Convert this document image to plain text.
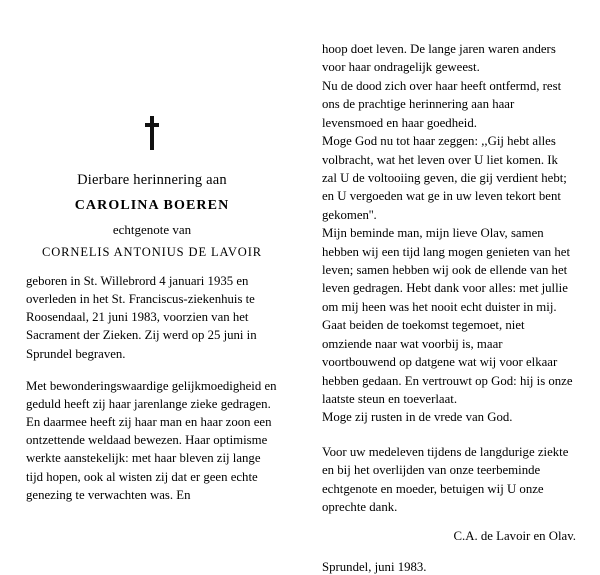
Dierbare herinnering aan
CAROLINA BOEREN
echtgenote van
CORNELIS ANTONIUS DE LAVOIR
geboren in St. Willebrord 4 januari 1935 en overleden in het St. Franciscus-ziekenhuis te Roosendaal, 21 juni 1983, voorzien van het Sacrament der Zieken. Zij werd op 25 juni in Sprundel begraven.
Met bewonderingswaardige gelijkmoedigheid en geduld heeft zij haar jarenlange zieke gedragen. En daarmee heeft zij haar man en haar zoon een ontzettende weldaad bewezen. Haar optimisme werkte aanstekelijk: met haar bleven zij lange tijd hopen, ook al wisten zij dat er geen echte genezing te verwachten was. En
hoop doet leven. De lange jaren waren anders voor haar ondragelijk geweest.
Nu de dood zich over haar heeft ontfermd, rest ons de prachtige herinnering aan haar levensmoed en haar goedheid.
Moge God nu tot haar zeggen: ,,Gij hebt alles volbracht, wat het leven over U liet komen. Ik zal U de voltooiing geven, die gij verdient hebt; en U vergoeden wat ge in uw leven tekort bent gekomen''.
Mijn beminde man, mijn lieve Olav, samen hebben wij een tijd lang mogen genieten van het leven; samen hebben wij ook de ellende van het leven gedragen. Hebt dank voor alles: met jullie om mij heen was het nooit echt duister in mij.
Gaat beiden de toekomst tegemoet, niet omziende naar wat voorbij is, maar voortbouwend op datgene wat wij voor elkaar hebben gedaan. En vertrouwt op God: hij is onze laatste steun en toeverlaat.
Moge zij rusten in de vrede van God.
Voor uw medeleven tijdens de langdurige ziekte en bij het overlijden van onze teerbeminde echtgenote en moeder, betuigen wij U onze oprechte dank.
C.A. de Lavoir en Olav.
Sprundel, juni 1983.
